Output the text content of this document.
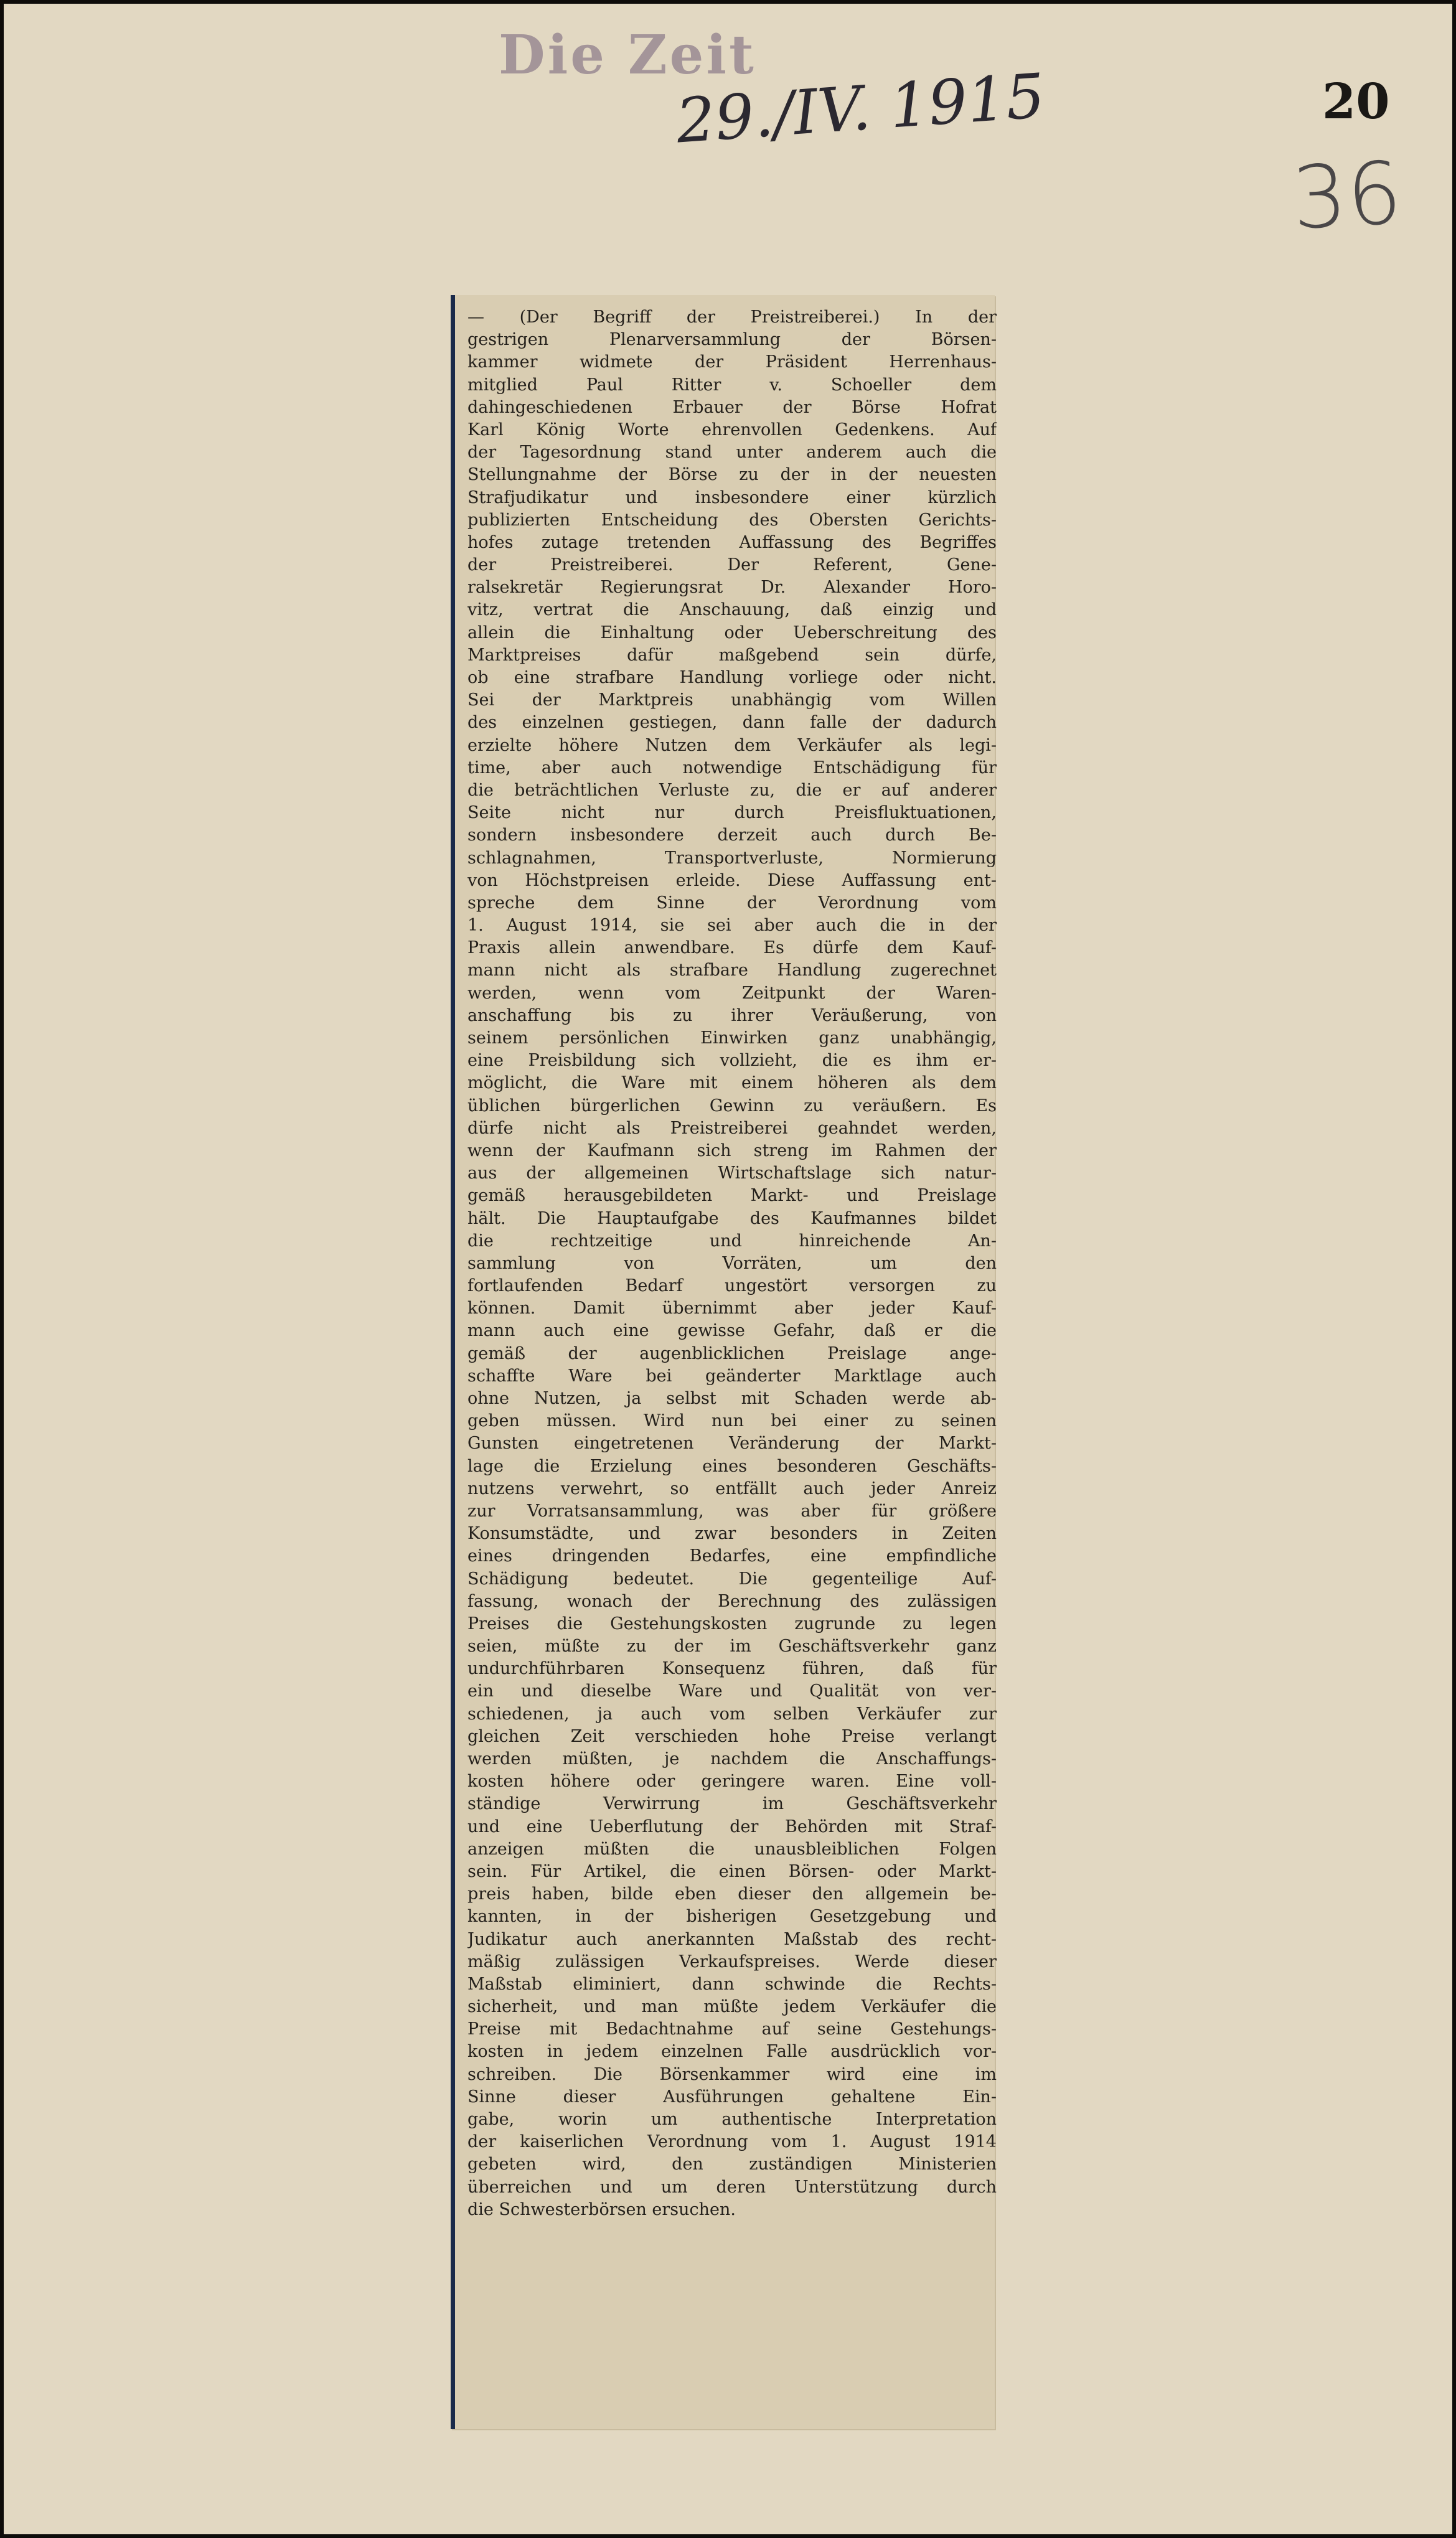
Die Zeit
29./IV. 1915	20
36
— (Der Begriff der Preistreiberei.) In der
gestrigen Plenarversammlung der Börsen-
kammer widmete der Präsident Herrenhaus-
mitglied Paul Ritter v. Schoeller dem
dahingeschiedenen Erbauer der Börse Hofrat
Karl König Worte ehrenvollen Gedenkens. Auf
der Tagesordnung stand unter anderem auch die
Stellungnahme der Börse zu der in der neuesten
Strafjudikatur und insbesondere einer kürzlich
publizierten Entscheidung des Obersten Gerichts-
hofes zutage tretenden Auffassung des Begriffes
der Preistreiberei. Der Referent, Gene-
ralsekretär Regierungsrat Dr. Alexander Horo-
vitz, vertrat die Anschauung, daß einzig und
allein die Einhaltung oder Ueberschreitung des
Marktpreises dafür maßgebend sein dürfe,
ob eine strafbare Handlung vorliege oder nicht.
Sei der Marktpreis unabhängig vom Willen
des einzelnen gestiegen, dann falle der dadurch
erzielte höhere Nutzen dem Verkäufer als legi-
time, aber auch notwendige Entschädigung für
die beträchtlichen Verluste zu, die er auf anderer
Seite nicht nur durch Preisfluktuationen,
sondern insbesondere derzeit auch durch Be-
schlagnahmen, Transportverluste, Normierung
von Höchstpreisen erleide. Diese Auffassung ent-
spreche dem Sinne der Verordnung vom
1. August 1914, sie sei aber auch die in der
Praxis allein anwendbare. Es dürfe dem Kauf-
mann nicht als strafbare Handlung zugerechnet
werden, wenn vom Zeitpunkt der Waren-
anschaffung bis zu ihrer Veräußerung, von
seinem persönlichen Einwirken ganz unabhängig,
eine Preisbildung sich vollzieht, die es ihm er-
möglicht, die Ware mit einem höheren als dem
üblichen bürgerlichen Gewinn zu veräußern. Es
dürfe nicht als Preistreiberei geahndet werden,
wenn der Kaufmann sich streng im Rahmen der
aus der allgemeinen Wirtschaftslage sich natur-
gemäß herausgebildeten Markt- und Preislage
hält. Die Hauptaufgabe des Kaufmannes bildet
die rechtzeitige und hinreichende An-
sammlung von Vorräten, um den
fortlaufenden Bedarf ungestört versorgen zu
können. Damit übernimmt aber jeder Kauf-
mann auch eine gewisse Gefahr, daß er die
gemäß der augenblicklichen Preislage ange-
schaffte Ware bei geänderter Marktlage auch
ohne Nutzen, ja selbst mit Schaden werde ab-
geben müssen. Wird nun bei einer zu seinen
Gunsten eingetretenen Veränderung der Markt-
lage die Erzielung eines besonderen Geschäfts-
nutzens verwehrt, so entfällt auch jeder Anreiz
zur Vorratsansammlung, was aber für größere
Konsumstädte, und zwar besonders in Zeiten
eines dringenden Bedarfes, eine empfindliche
Schädigung bedeutet. Die gegenteilige Auf-
fassung, wonach der Berechnung des zulässigen
Preises die Gestehungskosten zugrunde zu legen
seien, müßte zu der im Geschäftsverkehr ganz
undurchführbaren Konsequenz führen, daß für
ein und dieselbe Ware und Qualität von ver-
schiedenen, ja auch vom selben Verkäufer zur
gleichen Zeit verschieden hohe Preise verlangt
werden müßten, je nachdem die Anschaffungs-
kosten höhere oder geringere waren. Eine voll-
ständige Verwirrung im Geschäftsverkehr
und eine Ueberflutung der Behörden mit Straf-
anzeigen müßten die unausbleiblichen Folgen
sein. Für Artikel, die einen Börsen- oder Markt-
preis haben, bilde eben dieser den allgemein be-
kannten, in der bisherigen Gesetzgebung und
Judikatur auch anerkannten Maßstab des recht-
mäßig zulässigen Verkaufspreises. Werde dieser
Maßstab eliminiert, dann schwinde die Rechts-
sicherheit, und man müßte jedem Verkäufer die
Preise mit Bedachtnahme auf seine Gestehungs-
kosten in jedem einzelnen Falle ausdrücklich vor-
schreiben. Die Börsenkammer wird eine im
Sinne dieser Ausführungen gehaltene Ein-
gabe, worin um authentische Interpretation
der kaiserlichen Verordnung vom 1. August 1914
gebeten wird, den zuständigen Ministerien
überreichen und um deren Unterstützung durch
die Schwesterbörsen ersuchen.
